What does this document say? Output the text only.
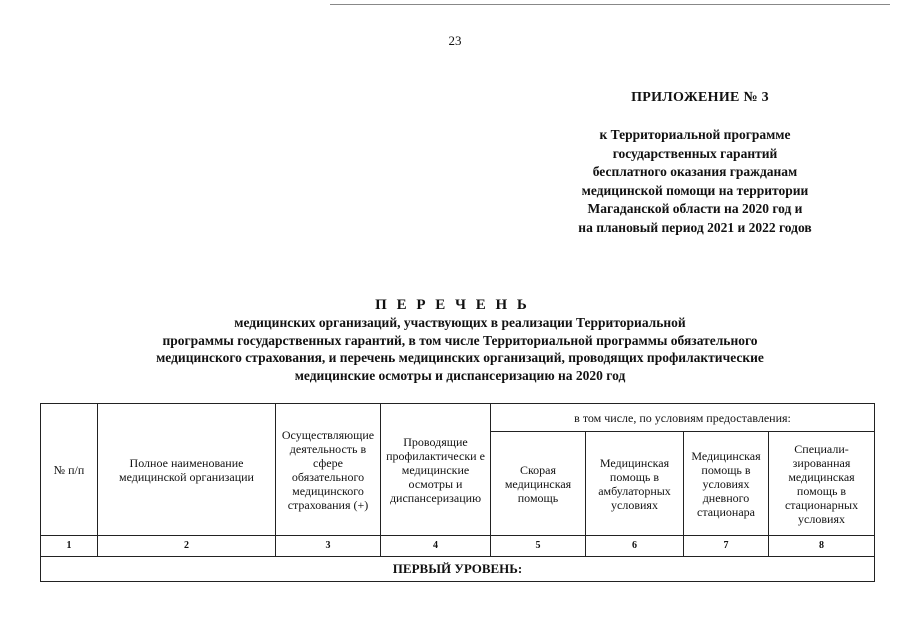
23
ПРИЛОЖЕНИЕ № 3
к Территориальной программе
государственных гарантий
бесплатного оказания гражданам
медицинской помощи на территории
Магаданской области на 2020 год и
на плановый период 2021 и 2022 годов
П Е Р Е Ч Е Н Ь
медицинских организаций, участвующих в реализации Территориальной
программы государственных гарантий, в том числе Территориальной программы обязательного
медицинского страхования, и перечень медицинских организаций, проводящих профилактические
медицинские осмотры и диспансеризацию на 2020 год
№ п/п	Полное наименование медицинской организации	Осуществляющие деятельность в сфере обязательного медицинского страхования (+)	Проводящие профилактически е медицинские осмотры и диспансеризацию	в том числе, по условиям предоставления:			
				Скорая медицинская помощь	Медицинская помощь в амбулаторных условиях	Медицинская помощь в условиях дневного стационара	Специали-зированная медицинская помощь в стационарных условиях
1	2	3	4	5	6	7	8
ПЕРВЫЙ УРОВЕНЬ:							
